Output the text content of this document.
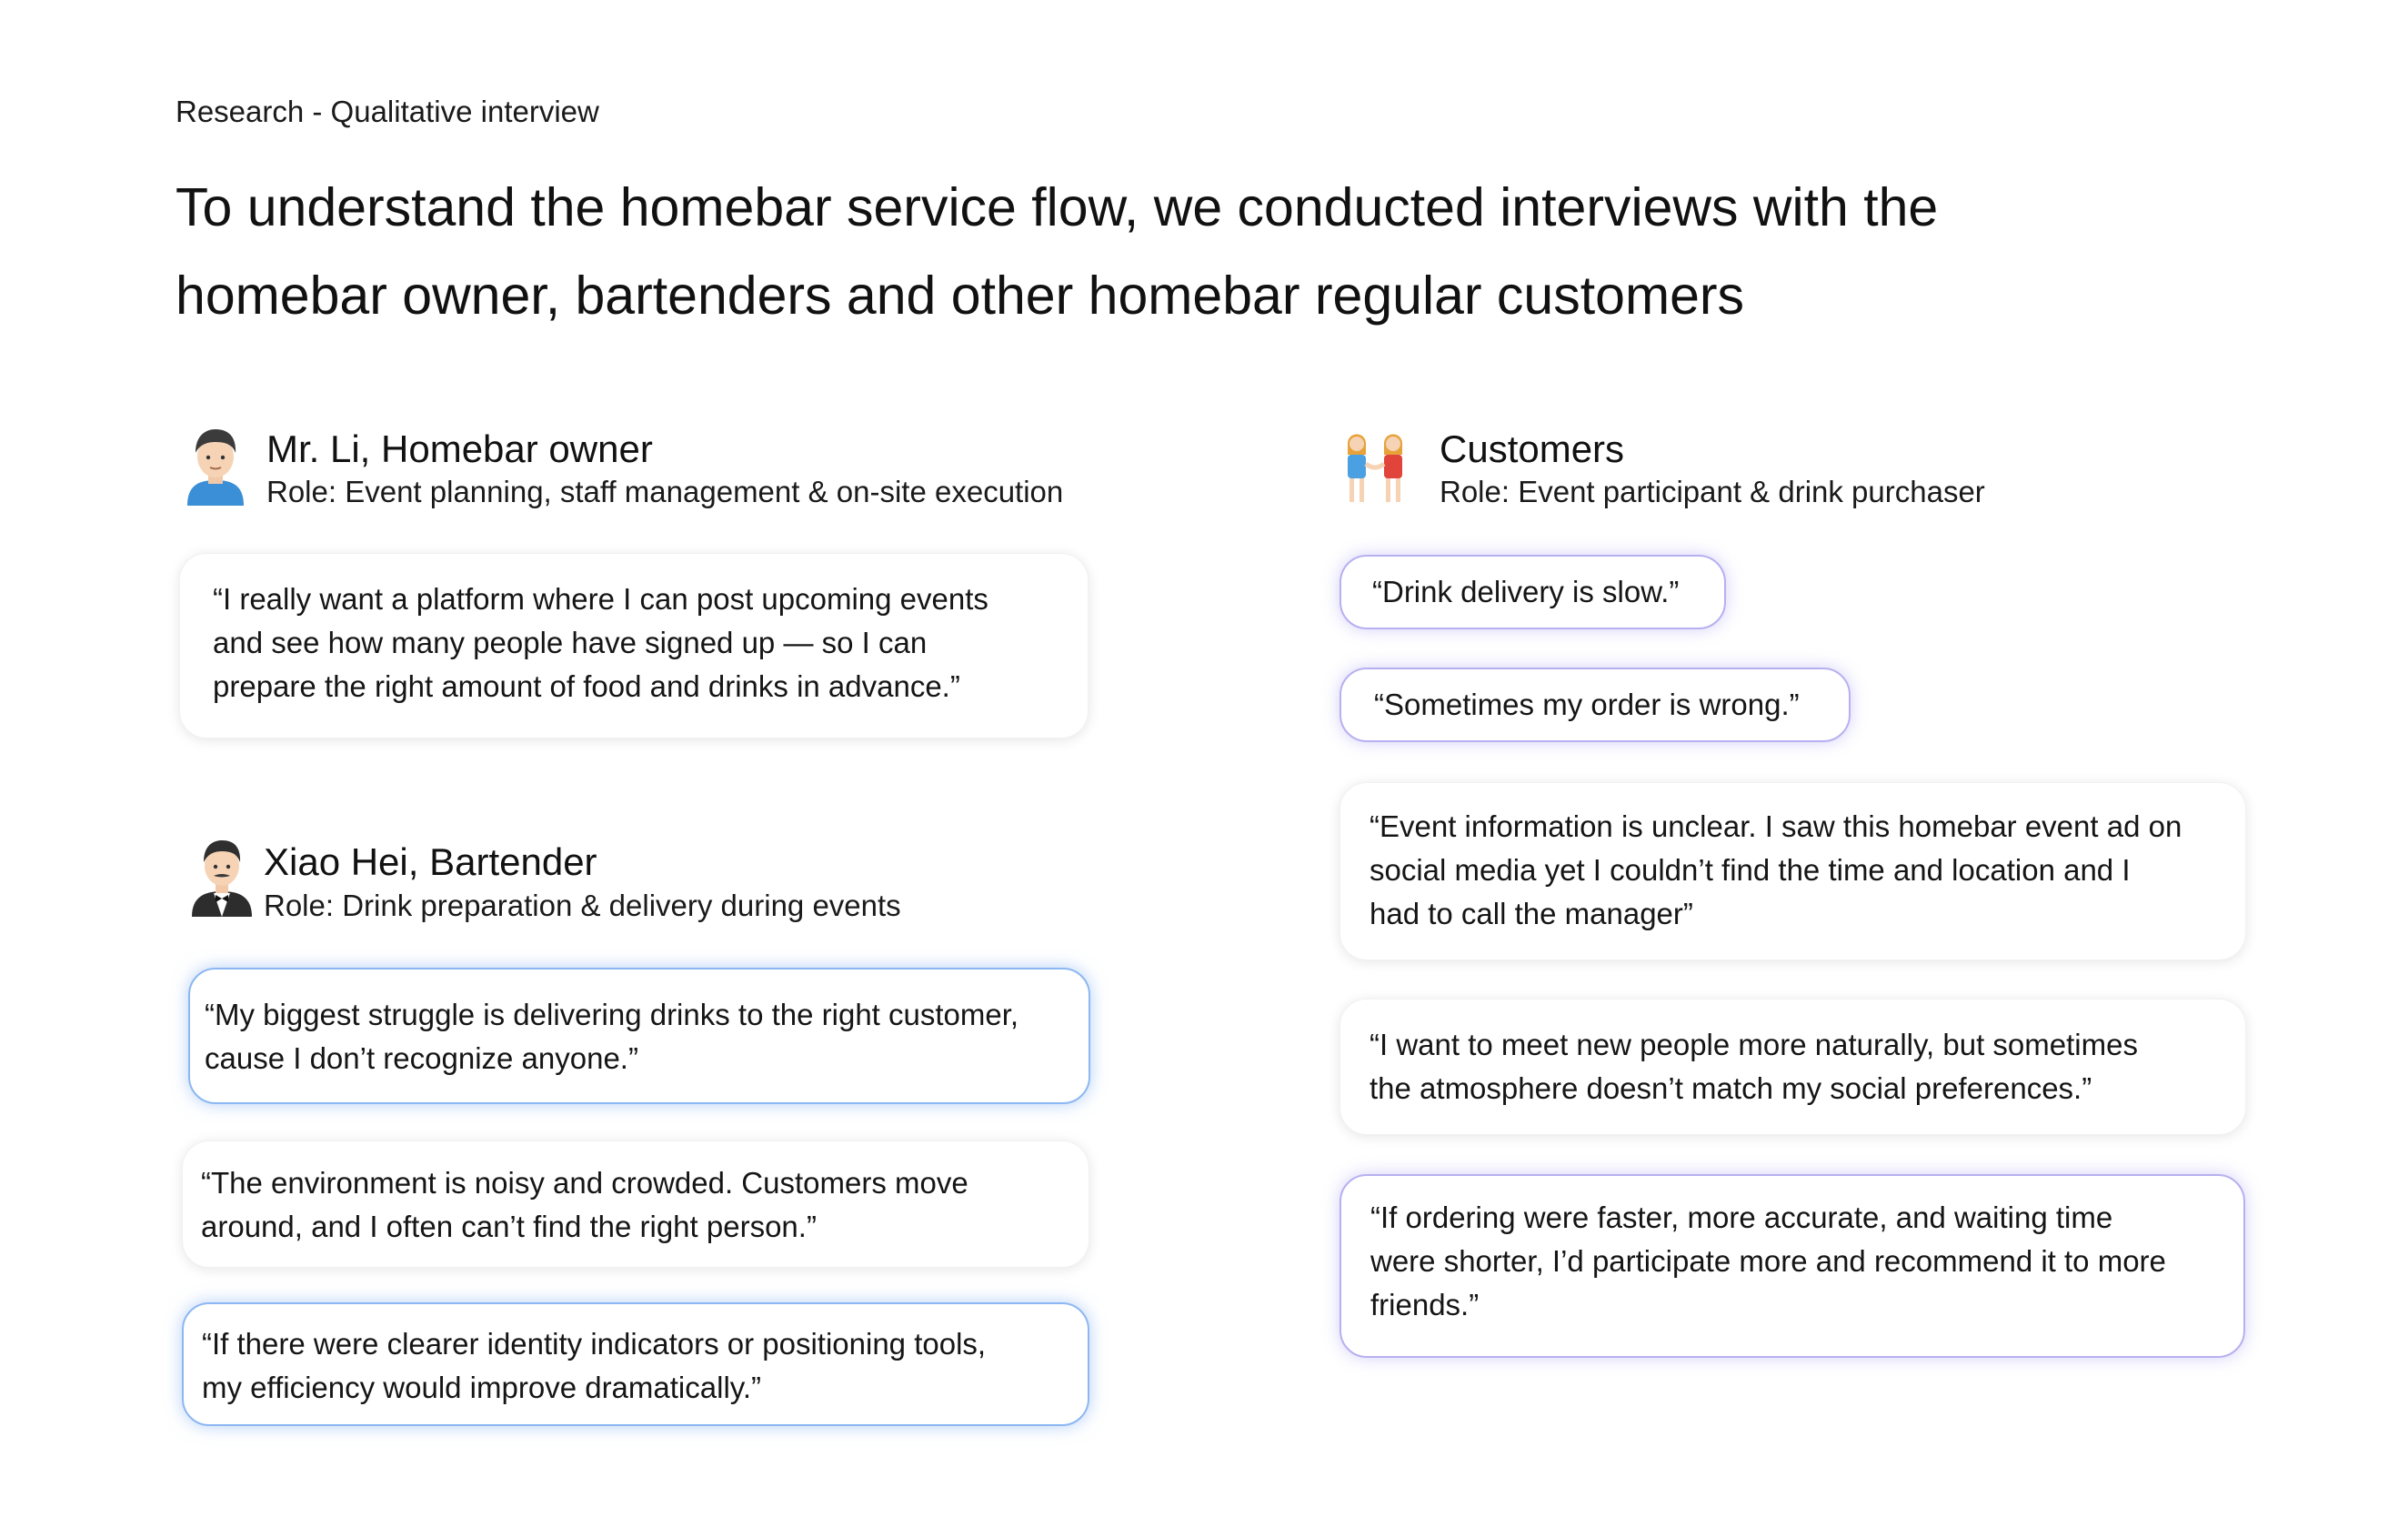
Research - Qualitative interview
To understand the homebar service flow, we conducted interviews with the
homebar owner, bartenders and other homebar regular customers
Mr. Li, Homebar owner
Role: Event planning, staff management & on-site execution
“I really want a platform where I can post upcoming events
and see how many people have signed up — so I can
prepare the right amount of food and drinks in advance.”
Xiao Hei, Bartender
Role: Drink preparation & delivery during events
“My biggest struggle is delivering drinks to the right customer,
cause I don’t recognize anyone.”
“The environment is noisy and crowded. Customers move
around, and I often can’t find the right person.”
“If there were clearer identity indicators or positioning tools,
my efficiency would improve dramatically.”
Customers
Role: Event participant & drink purchaser
“Drink delivery is slow.”
“Sometimes my order is wrong.”
“Event information is unclear. I saw this homebar event ad on
social media yet I couldn’t find the time and location and I
had to call the manager”
“I want to meet new people more naturally, but sometimes
the atmosphere doesn’t match my social preferences.”
“If ordering were faster, more accurate, and waiting time
were shorter, I’d participate more and recommend it to more
friends.”
